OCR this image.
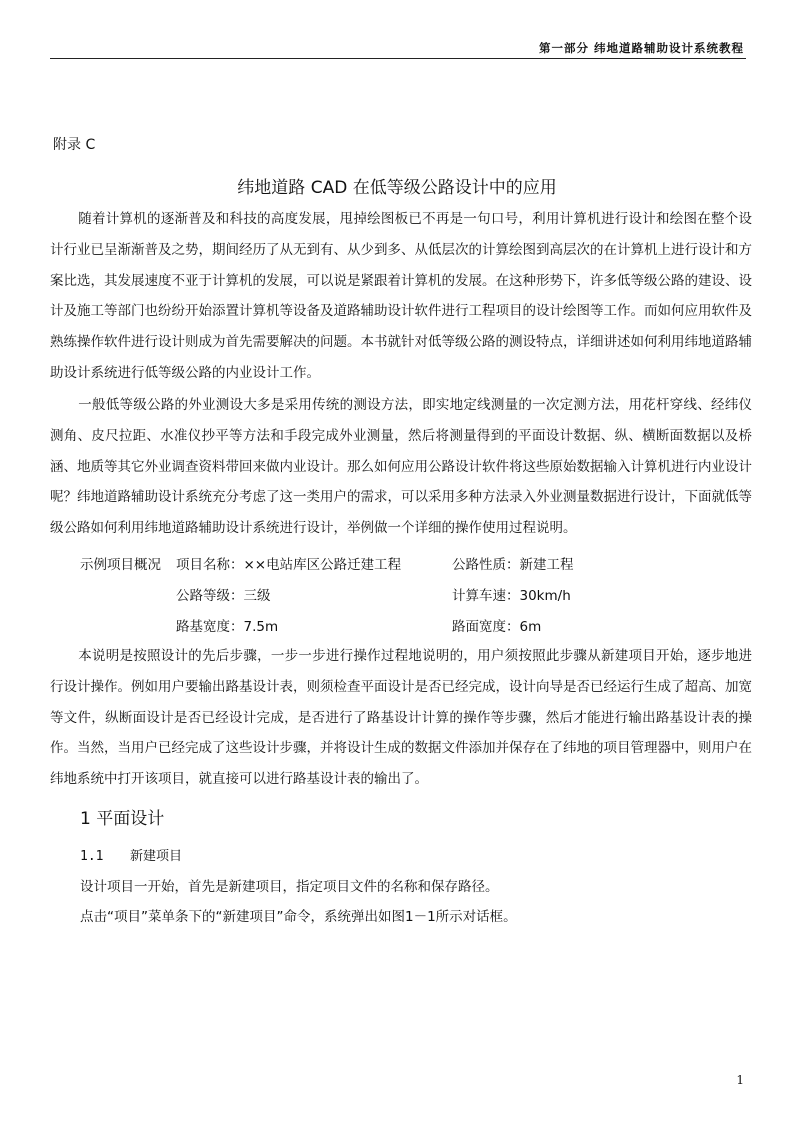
第一部分 纬地道路辅助设计系统教程
附录 C
纬地道路 CAD 在低等级公路设计中的应用

随着计算机的逐渐普及和科技的高度发展，甩掉绘图板已不再是一句口号，利用计算机进行设计和绘图在整个设计行业已呈渐渐普及之势，期间经历了从无到有、从少到多、从低层次的计算绘图到高层次的在计算机上进行设计和方案比选，其发展速度不亚于计算机的发展，可以说是紧跟着计算机的发展。在这种形势下，许多低等级公路的建设、设计及施工等部门也纷纷开始添置计算机等设备及道路辅助设计软件进行工程项目的设计绘图等工作。而如何应用软件及熟练操作软件进行设计则成为首先需要解决的问题。本书就针对低等级公路的测设特点，详细讲述如何利用纬地道路辅助设计系统进行低等级公路的内业设计工作。

一般低等级公路的外业测设大多是采用传统的测设方法，即实地定线测量的一次定测方法，用花杆穿线、经纬仪测角、皮尺拉距、水准仪抄平等方法和手段完成外业测量，然后将测量得到的平面设计数据、纵、横断面数据以及桥涵、地质等其它外业调查资料带回来做内业设计。那么如何应用公路设计软件将这些原始数据输入计算机进行内业设计呢？纬地道路辅助设计系统充分考虑了这一类用户的需求，可以采用多种方法录入外业测量数据进行设计，下面就低等级公路如何利用纬地道路辅助设计系统进行设计，举例做一个详细的操作使用过程说明。

示例项目概况 项目名称：××电站库区公路迁建工程	公路性质：新建工程
公路等级：三级	计算车速：30km/h
路基宽度：7.5m	路面宽度：6m

本说明是按照设计的先后步骤，一步一步进行操作过程地说明的，用户须按照此步骤从新建项目开始，逐步地进行设计操作。例如用户要输出路基设计表，则须检查平面设计是否已经完成，设计向导是否已经运行生成了超高、加宽等文件，纵断面设计是否已经设计完成，是否进行了路基设计计算的操作等步骤，然后才能进行输出路基设计表的操作。当然，当用户已经完成了这些设计步骤，并将设计生成的数据文件添加并保存在了纬地的项目管理器中，则用户在纬地系统中打开该项目，就直接可以进行路基设计表的输出了。

1 平面设计
1.1 新建项目
设计项目一开始，首先是新建项目，指定项目文件的名称和保存路径。
点击“项目”菜单条下的“新建项目”命令，系统弹出如图1－1所示对话框。
1
